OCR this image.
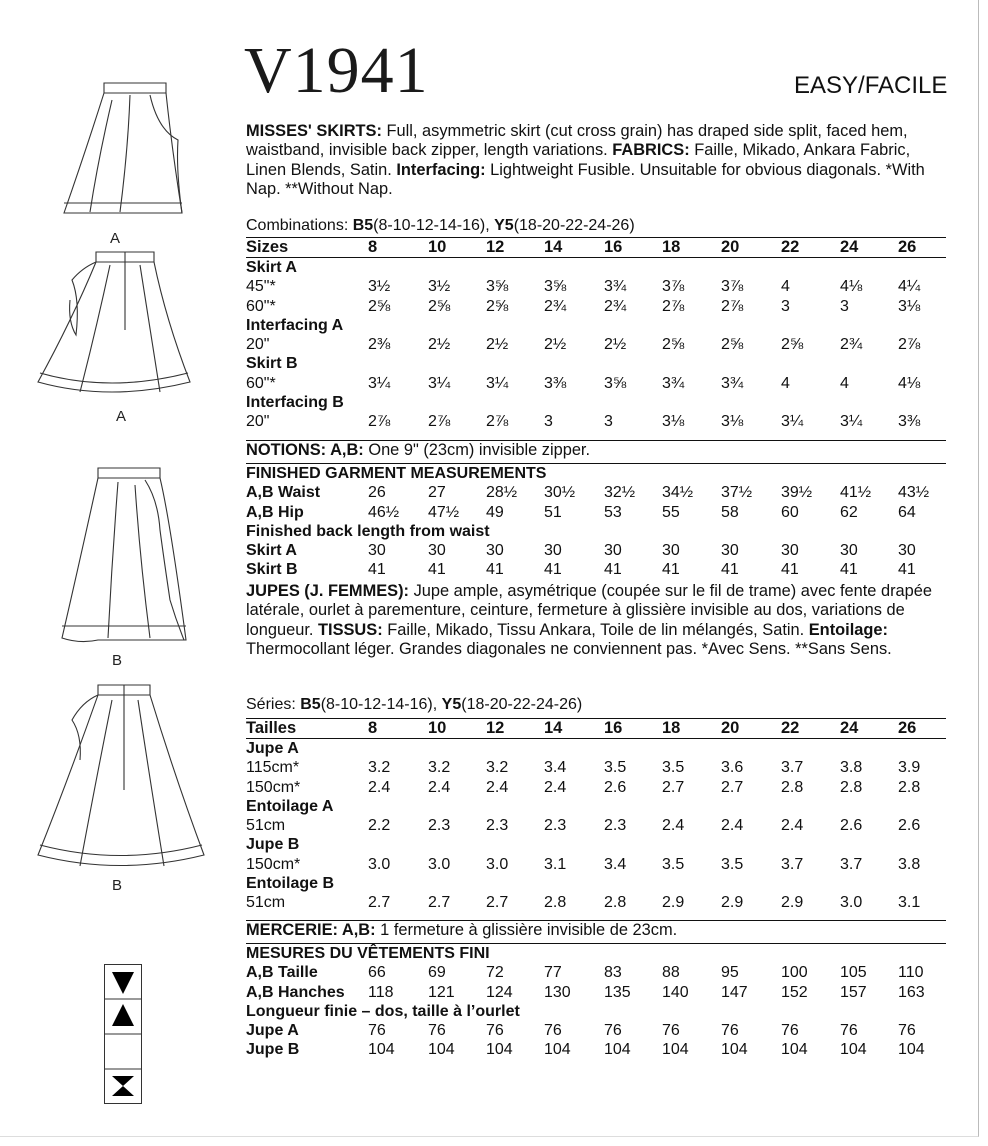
A
A
B
B
V1941	EASY/FACILE
MISSES' SKIRTS: Full, asymmetric skirt (cut cross grain) has draped side split, faced hem, waistband, invisible back zipper, length variations. FABRICS: Faille, Mikado, Ankara Fabric, Linen Blends, Satin. Interfacing: Lightweight Fusible. Unsuitable for obvious diagonals. *With Nap. **Without Nap.
Combinations: B5(8-10-12-14-16), Y5(18-20-22-24-26)
Sizes	8	10 12 14	16 18 20	22 24 26
Skirt A
45"*	3½ 3½ 3⅝ 3⅝ 3¾ 3⅞ 3⅞ 4	4⅛ 4¼
60"*	2⅝ 2⅝ 2⅝ 2¾ 2¾ 2⅞ 2⅞ 3	3	3⅛
Interfacing A
20"	2⅜ 2½ 2½ 2½ 2½ 2⅝ 2⅝ 2⅝ 2¾ 2⅞
Skirt B
60"*	3¼ 3¼ 3¼ 3⅜ 3⅝ 3¾ 3¾ 4	4	4⅛
Interfacing B
20"	2⅞ 2⅞ 2⅞ 3	3	3⅛ 3⅛ 3¼ 3¼ 3⅜
NOTIONS: A,B: One 9" (23cm) invisible zipper.
FINISHED GARMENT MEASUREMENTS
A,B Waist	26	27	28½ 30½ 32½ 34½ 37½ 39½ 41½ 43½
A,B Hip	46½ 47½ 49	51	53	55	58	60	62	64
Finished back length from waist
Skirt A	30	30	30	30	30	30	30	30	30	30
Skirt B	41	41	41	41	41	41	41	41	41	41
JUPES (J. FEMMES): Jupe ample, asymétrique (coupée sur le fil de trame) avec fente drapée latérale, ourlet à parementure, ceinture, fermeture à glissière invisible au dos, variations de longueur. TISSUS: Faille, Mikado, Tissu Ankara, Toile de lin mélangés, Satin. Entoilage: Thermocollant léger. Grandes diagonales ne conviennent pas. *Avec Sens. **Sans Sens.
Séries: B5(8-10-12-14-16), Y5(18-20-22-24-26)
Tailles	8	10 12 14	16 18 20	22 24 26
Jupe A
115cm*	3.2 3.2 3.2 3.4 3.5 3.5 3.6 3.7 3.8 3.9
150cm*	2.4 2.4 2.4 2.4 2.6 2.7 2.7 2.8 2.8 2.8
Entoilage A
51cm	2.2 2.3 2.3 2.3 2.3 2.4 2.4 2.4 2.6 2.6
Jupe B
150cm*	3.0 3.0 3.0 3.1 3.4 3.5 3.5 3.7 3.7 3.8
Entoilage B
51cm	2.7 2.7 2.7 2.8 2.8 2.9 2.9 2.9 3.0 3.1
MERCERIE: A,B: 1 fermeture à glissière invisible de 23cm.
MESURES DU VÊTEMENTS FINI
A,B Taille	66	69	72	77	83	88	95	100 105 110
A,B Hanches 118 121 124 130 135 140 147 152 157 163
Longueur finie – dos, taille à l’ourlet
Jupe A	76	76	76	76	76	76	76	76	76	76
Jupe B	104 104 104 104 104 104 104 104 104 104
